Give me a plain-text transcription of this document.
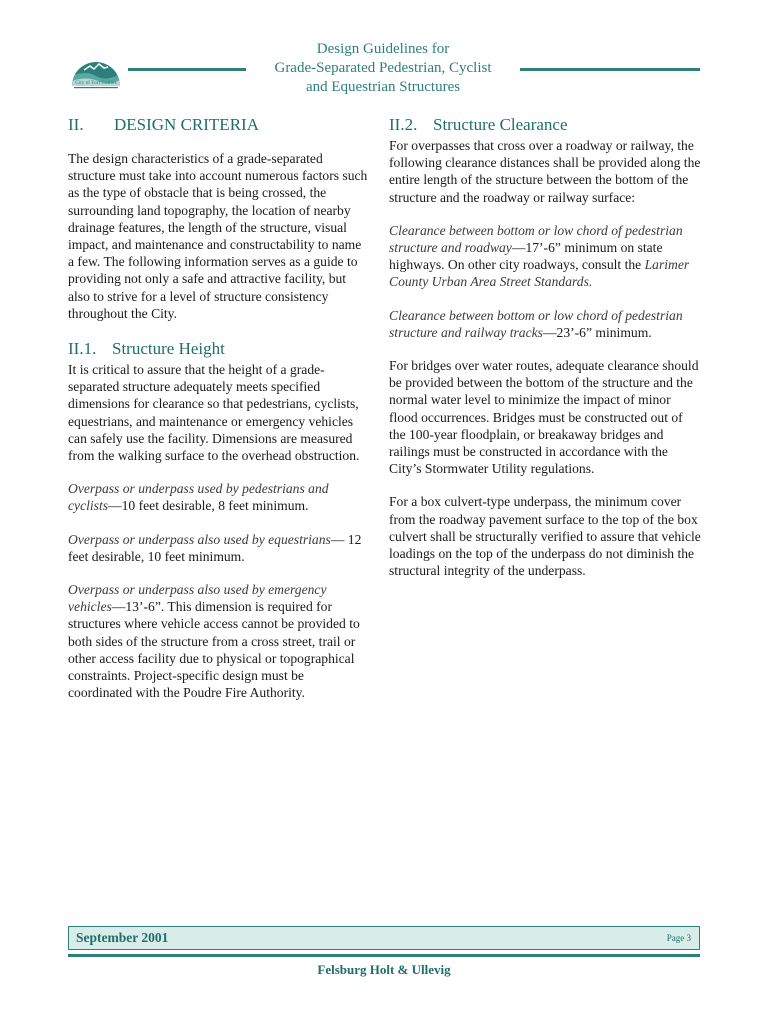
City of Fort Collins
Design Guidelines for
Grade-Separated Pedestrian, Cyclist
and Equestrian Structures
II. DESIGN CRITERIA

The design characteristics of a grade-separated structure must take into account numerous factors such as the type of obstacle that is being crossed, the surrounding land topography, the location of nearby drainage features, the length of the structure, visual impact, and maintenance and constructability to name a few. The following information serves as a guide to providing not only a safe and attractive facility, but also to strive for a level of structure consistency throughout the City.

II.1. Structure Height

It is critical to assure that the height of a grade-separated structure adequately meets specified dimensions for clearance so that pedestrians, cyclists, equestrians, and maintenance or emergency vehicles can safely use the facility. Dimensions are measured from the walking surface to the overhead obstruction.

Overpass or underpass used by pedestrians and cyclists—10 feet desirable, 8 feet minimum.

Overpass or underpass also used by equestrians— 12 feet desirable, 10 feet minimum.

Overpass or underpass also used by emergency vehicles—13’-6”. This dimension is required for structures where vehicle access cannot be provided to both sides of the structure from a cross street, trail or other access facility due to physical or topographical constraints. Project-specific design must be coordinated with the Poudre Fire Authority.

II.2. Structure Clearance

For overpasses that cross over a roadway or railway, the following clearance distances shall be provided along the entire length of the structure between the bottom of the structure and the roadway or railway surface:

Clearance between bottom or low chord of pedestrian structure and roadway—17’-6” minimum on state highways. On other city roadways, consult the Larimer County Urban Area Street Standards.

Clearance between bottom or low chord of pedestrian structure and railway tracks—23’-6” minimum.

For bridges over water routes, adequate clearance should be provided between the bottom of the structure and the normal water level to minimize the impact of minor flood occurrences. Bridges must be constructed out of the 100-year floodplain, or breakaway bridges and railings must be constructed in accordance with the City’s Stormwater Utility regulations.

For a box culvert-type underpass, the minimum cover from the roadway pavement surface to the top of the box culvert shall be structurally verified to assure that vehicle loadings on the top of the underpass do not diminish the structural integrity of the underpass.

September 2001	Page 3
Felsburg Holt & Ullevig
